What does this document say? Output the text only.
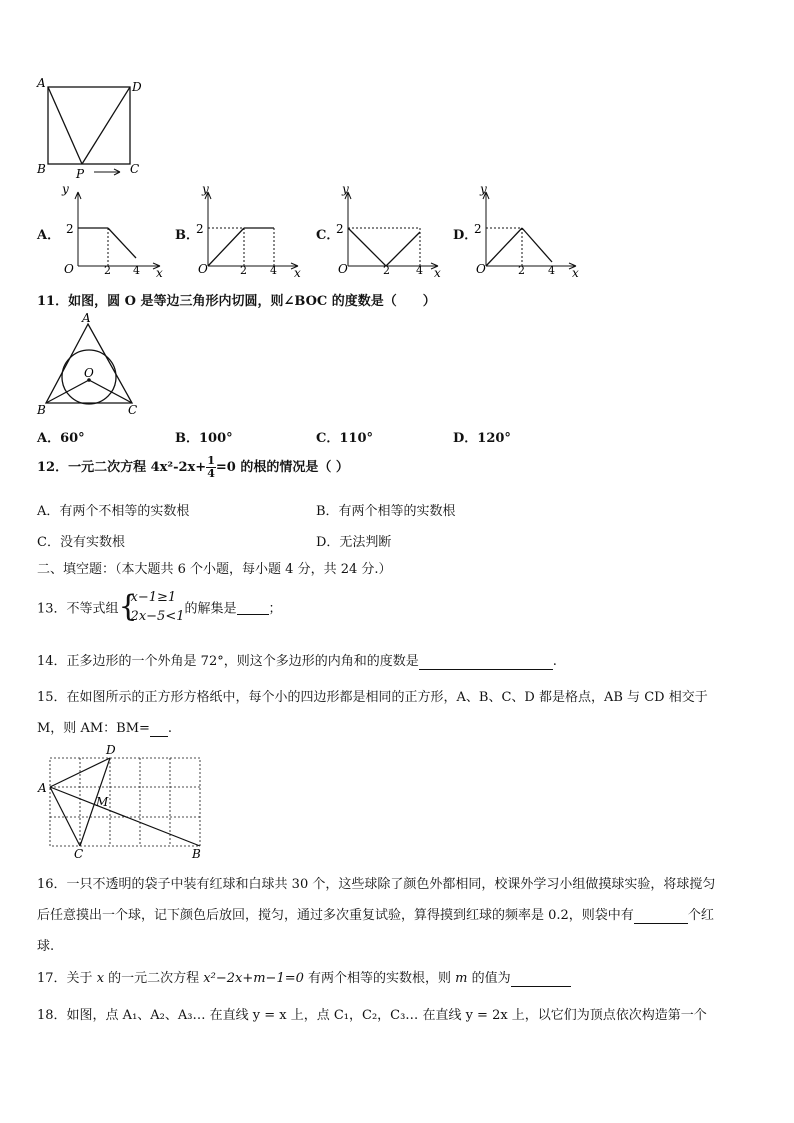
A	D
B	P	C
A．
y
2
O	2 4 x
B．
y
2
O	2 4 x
C．
y
2
O	2 4 x
D．
y
2
O	2 4 x
11．如图，圆 O 是等边三角形内切圆，则∠BOC 的度数是（　　）
A
O
B	C
A．60°	B．100°	C．110°	D．120°
12．一元二次方程 $4x^2-2x+ \frac{1}{4} =0$ 的根的情况是（ ）
A．有两个不相等的实数根	B．有两个相等的实数根
C．没有实数根	D．无法判断
二、填空题：（本大题共 6 个小题，每小题 4 分，共 24 分.）
13．不等式组 {
x−1≥1
2x−5<1 的解集是 ；
14．正多边形的一个外角是 72°，则这个多边形的内角和的度数是	.
15．在如图所示的正方形方格纸中，每个小的四边形都是相同的正方形，A、B、C、D 都是格点，AB 与 CD 相交于
M，则 AM：BM= .
D
A
M
C	B
16．一只不透明的袋子中装有红球和白球共 30 个，这些球除了颜色外都相同，校课外学习小组做摸球实验，将球搅匀
后任意摸出一个球，记下颜色后放回，搅匀，通过多次重复试验，算得摸到红球的频率是 0.2，则袋中有	个红
球.
17．关于 x 的一元二次方程 x²−2x+m−1=0 有两个相等的实数根，则 m 的值为
18．如图，点 A₁、A₂、A₃… 在直线 y = x 上，点 C₁，C₂，C₃… 在直线 y = 2x 上，以它们为顶点依次构造第一个
